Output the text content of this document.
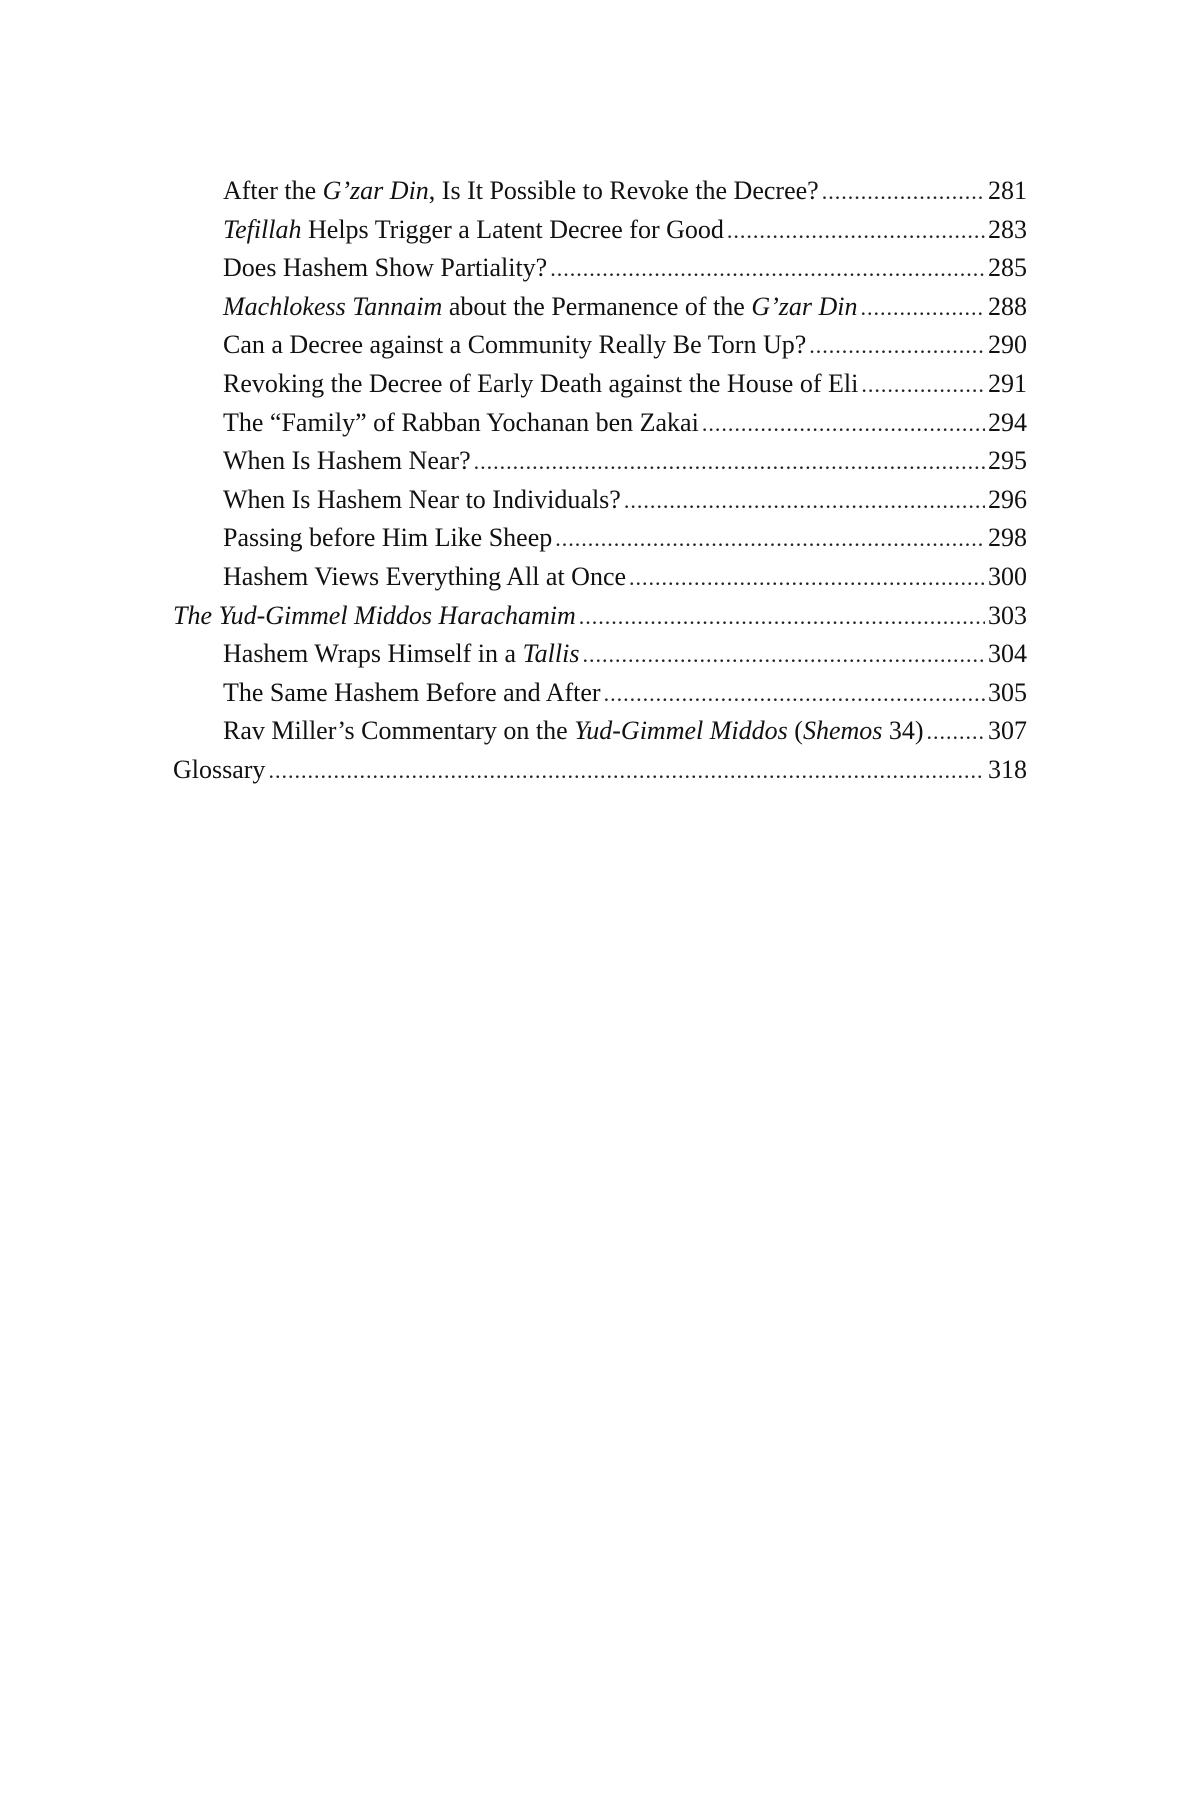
After the G’zar Din, Is It Possible to Revoke the Decree? .....	281
Tefillah Helps Trigger a Latent Decree for Good .....	283
Does Hashem Show Partiality? .....	285
Machlokess Tannaim about the Permanence of the G’zar Din .....	288
Can a Decree against a Community Really Be Torn Up? .....	290
Revoking the Decree of Early Death against the House of Eli .....	291
The “Family” of Rabban Yochanan ben Zakai .....	294
When Is Hashem Near? .....	295
When Is Hashem Near to Individuals? .....	296
Passing before Him Like Sheep .....	298
Hashem Views Everything All at Once .....	300
The Yud-Gimmel Middos Harachamim .....	303
Hashem Wraps Himself in a Tallis .....	304
The Same Hashem Before and After .....	305
Rav Miller’s Commentary on the Yud-Gimmel Middos (Shemos 34) ..... 307
Glossary .....	318
